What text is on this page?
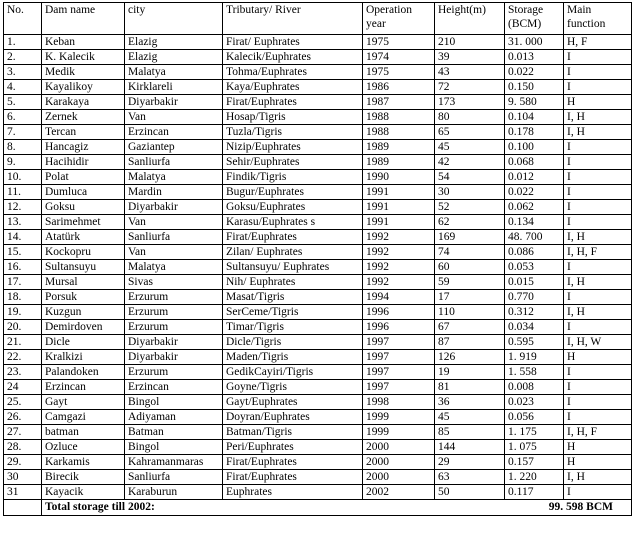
No.	Dam name	city	Tributary/ River	Operation year	Height(m)	Storage (BCM)	Main function
1.	Keban	Elazig	Firat/ Euphrates	1975	210	31. 000	H, F
2.	K. Kalecik	Elazig	Kalecik/Euphrates	1974	39	0.013	I
3.	Medik	Malatya	Tohma/Euphrates	1975	43	0.022	I
4.	Kayalikoy	Kirklareli	Kaya/Euphrates	1986	72	0.150	I
5.	Karakaya	Diyarbakir	Firat/Euphrates	1987	173	9. 580	H
6.	Zernek	Van	Hosap/Tigris	1988	80	0.104	I, H
7.	Tercan	Erzincan	Tuzla/Tigris	1988	65	0.178	I, H
8.	Hancagiz	Gaziantep	Nizip/Euphrates	1989	45	0.100	I
9.	Hacihidir	Sanliurfa	Sehir/Euphrates	1989	42	0.068	I
10.	Polat	Malatya	Findik/Tigris	1990	54	0.012	I
11.	Dumluca	Mardin	Bugur/Euphrates	1991	30	0.022	I
12.	Goksu	Diyarbakir	Goksu/Euphrates	1991	52	0.062	I
13.	Sarimehmet	Van	Karasu/Euphrates s	1991	62	0.134	I
14.	Atatürk	Sanliurfa	Firat/Euphrates	1992	169	48. 700	I, H
15.	Kockopru	Van	Zilan/ Euphrates	1992	74	0.086	I, H, F
16.	Sultansuyu	Malatya	Sultansuyu/ Euphrates	1992	60	0.053	I
17.	Mursal	Sivas	Nih/ Euphrates	1992	59	0.015	I, H
18.	Porsuk	Erzurum	Masat/Tigris	1994	17	0.770	I
19.	Kuzgun	Erzurum	SerCeme/Tigris	1996	110	0.312	I, H
20.	Demirdoven	Erzurum	Timar/Tigris	1996	67	0.034	I
21.	Dicle	Diyarbakir	Dicle/Tigris	1997	87	0.595	I, H, W
22.	Kralkizi	Diyarbakir	Maden/Tigris	1997	126	1. 919	H
23.	Palandoken	Erzurum	GedikCayiri/Tigris	1997	19	1. 558	I
24	Erzincan	Erzincan	Goyne/Tigris	1997	81	0.008	I
25.	Gayt	Bingol	Gayt/Euphrates	1998	36	0.023	I
26.	Camgazi	Adiyaman	Doyran/Euphrates	1999	45	0.056	I
27.	batman	Batman	Batman/Tigris	1999	85	1. 175	I, H, F
28.	Ozluce	Bingol	Peri/Euphrates	2000	144	1. 075	H
29.	Karkamis	Kahramanmaras	Firat/Euphrates	2000	29	0.157	H
30	Birecik	Sanliurfa	Firat/Euphrates	2000	63	1. 220	I, H
31	Kayacik	Karaburun	Euphrates	2002	50	0.117	I
	Total storage till 2002:				99. 598 BCM		
